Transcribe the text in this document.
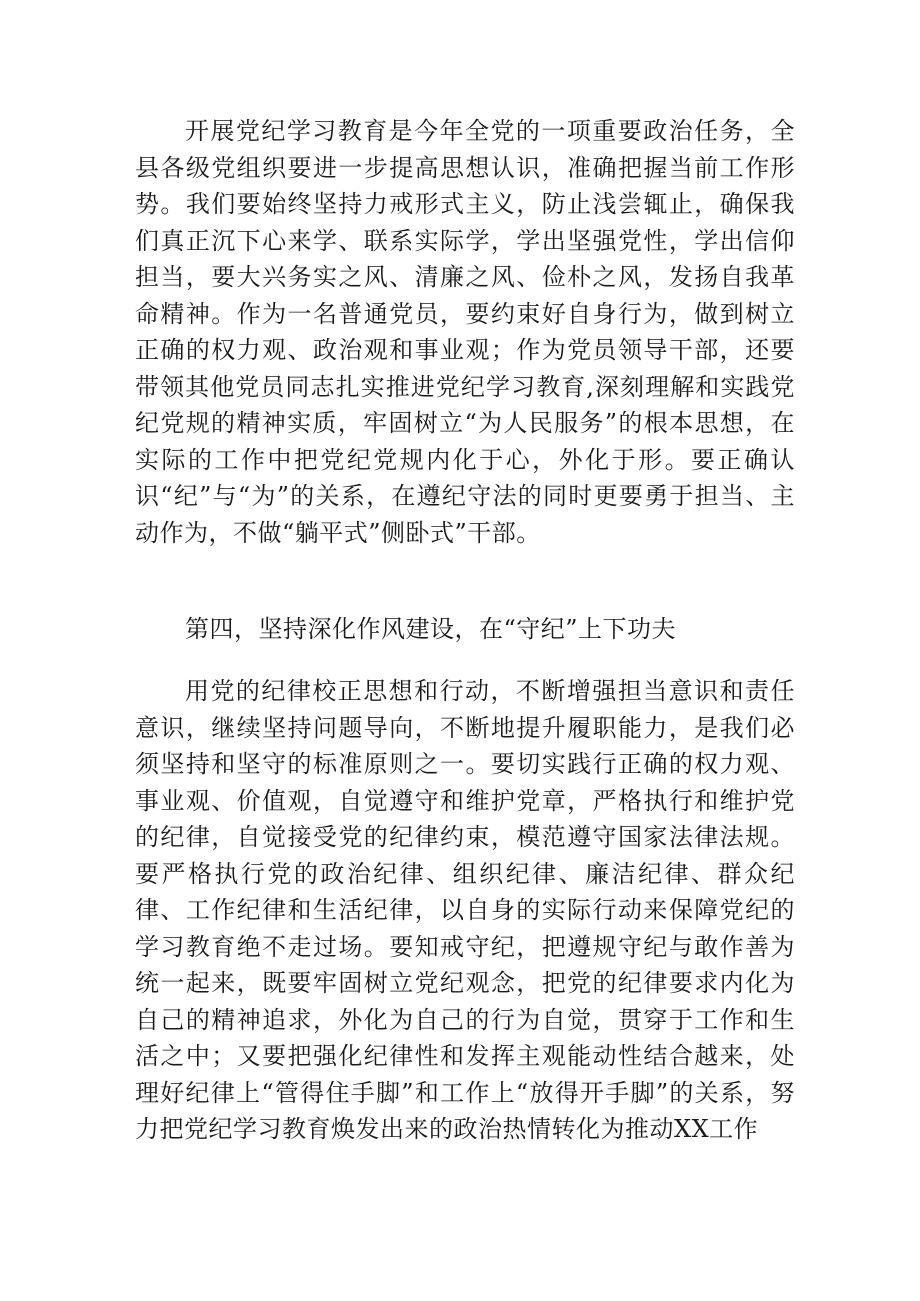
开展党纪学习教育是今年全党的一项重要政治任务，全县各级党组织要进一步提高思想认识，准确把握当前工作形势。我们要始终坚持力戒形式主义，防止浅尝辄止，确保我们真正沉下心来学、联系实际学，学出坚强党性，学出信仰担当，要大兴务实之风、清廉之风、俭朴之风，发扬自我革命精神。作为一名普通党员，要约束好自身行为，做到树立正确的权力观、政治观和事业观；作为党员领导干部，还要带领其他党员同志扎实推进党纪学习教育,深刻理解和实践党纪党规的精神实质，牢固树立“为人民服务”的根本思想，在实际的工作中把党纪党规内化于心，外化于形。要正确认识“纪”与“为”的关系，在遵纪守法的同时更要勇于担当、主动作为，不做“躺平式”侧卧式”干部。

第四，坚持深化作风建设，在“守纪”上下功夫

用党的纪律校正思想和行动，不断增强担当意识和责任意识，继续坚持问题导向，不断地提升履职能力，是我们必须坚持和坚守的标准原则之一。要切实践行正确的权力观、事业观、价值观，自觉遵守和维护党章，严格执行和维护党的纪律，自觉接受党的纪律约束，模范遵守国家法律法规。要严格执行党的政治纪律、组织纪律、廉洁纪律、群众纪律、工作纪律和生活纪律，以自身的实际行动来保障党纪的学习教育绝不走过场。要知戒守纪，把遵规守纪与敢作善为统一起来，既要牢固树立党纪观念，把党的纪律要求内化为自己的精神追求，外化为自己的行为自觉，贯穿于工作和生活之中；又要把强化纪律性和发挥主观能动性结合越来，处理好纪律上“管得住手脚”和工作上“放得开手脚”的关系，努力把党纪学习教育焕发出来的政治热情转化为推动XX工作
